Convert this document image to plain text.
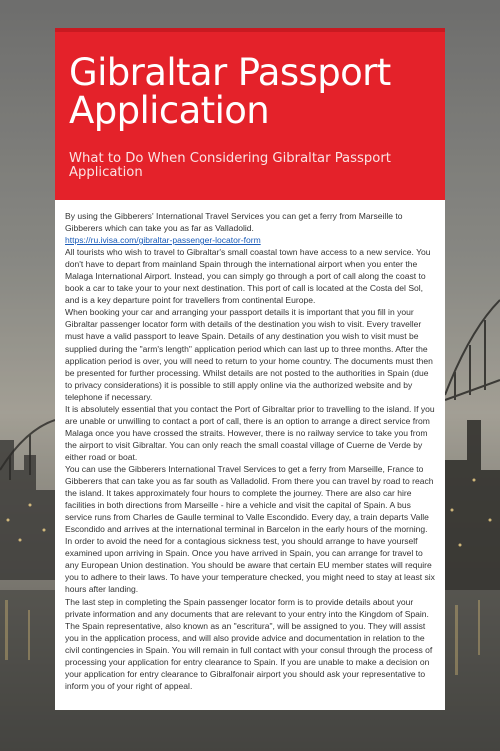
Gibraltar Passport Application
What to Do When Considering Gibraltar Passport Application

By using the Gibberers' International Travel Services you can get a ferry from Marseille to Gibberers which can take you as far as Valladolid.

https://ru.ivisa.com/gibraltar-passenger-locator-form

All tourists who wish to travel to Gibraltar's small coastal town have access to a new service. You don't have to depart from mainland Spain through the international airport when you enter the Malaga International Airport. Instead, you can simply go through a port of call along the coast to book a car to take your to your next destination. This port of call is located at the Costa del Sol, and is a key departure point for travellers from continental Europe.

When booking your car and arranging your passport details it is important that you fill in your Gibraltar passenger locator form with details of the destination you wish to visit. Every traveller must have a valid passport to leave Spain. Details of any destination you wish to visit must be supplied during the "arm's length" application period which can last up to three months. After the application period is over, you will need to return to your home country. The documents must then be presented for further processing. Whilst details are not posted to the authorities in Spain (due to privacy considerations) it is possible to still apply online via the authorized website and by telephone if necessary.

It is absolutely essential that you contact the Port of Gibraltar prior to travelling to the island. If you are unable or unwilling to contact a port of call, there is an option to arrange a direct service from Malaga once you have crossed the straits. However, there is no railway service to take you from the airport to visit Gibraltar. You can only reach the small coastal village of Cuerne de Verde by either road or boat.

You can use the Gibberers International Travel Services to get a ferry from Marseille, France to Gibberers that can take you as far south as Valladolid. From there you can travel by road to reach the island. It takes approximately four hours to complete the journey. There are also car hire facilities in both directions from Marseille - hire a vehicle and visit the capital of Spain. A bus service runs from Charles de Gaulle terminal to Valle Escondido. Every day, a train departs Valle Escondido and arrives at the international terminal in Barcelon in the early hours of the morning.

In order to avoid the need for a contagious sickness test, you should arrange to have yourself examined upon arriving in Spain. Once you have arrived in Spain, you can arrange for travel to any European Union destination. You should be aware that certain EU member states will require you to adhere to their laws. To have your temperature checked, you might need to stay at least six hours after landing.

The last step in completing the Spain passenger locator form is to provide details about your private information and any documents that are relevant to your entry into the Kingdom of Spain. The Spain representative, also known as an "escritura", will be assigned to you. They will assist you in the application process, and will also provide advice and documentation in relation to the civil contingencies in Spain. You will remain in full contact with your consul through the process of processing your application for entry clearance to Spain. If you are unable to make a decision on your application for entry clearance to Gibralfonair airport you should ask your representative to inform you of your right of appeal.
